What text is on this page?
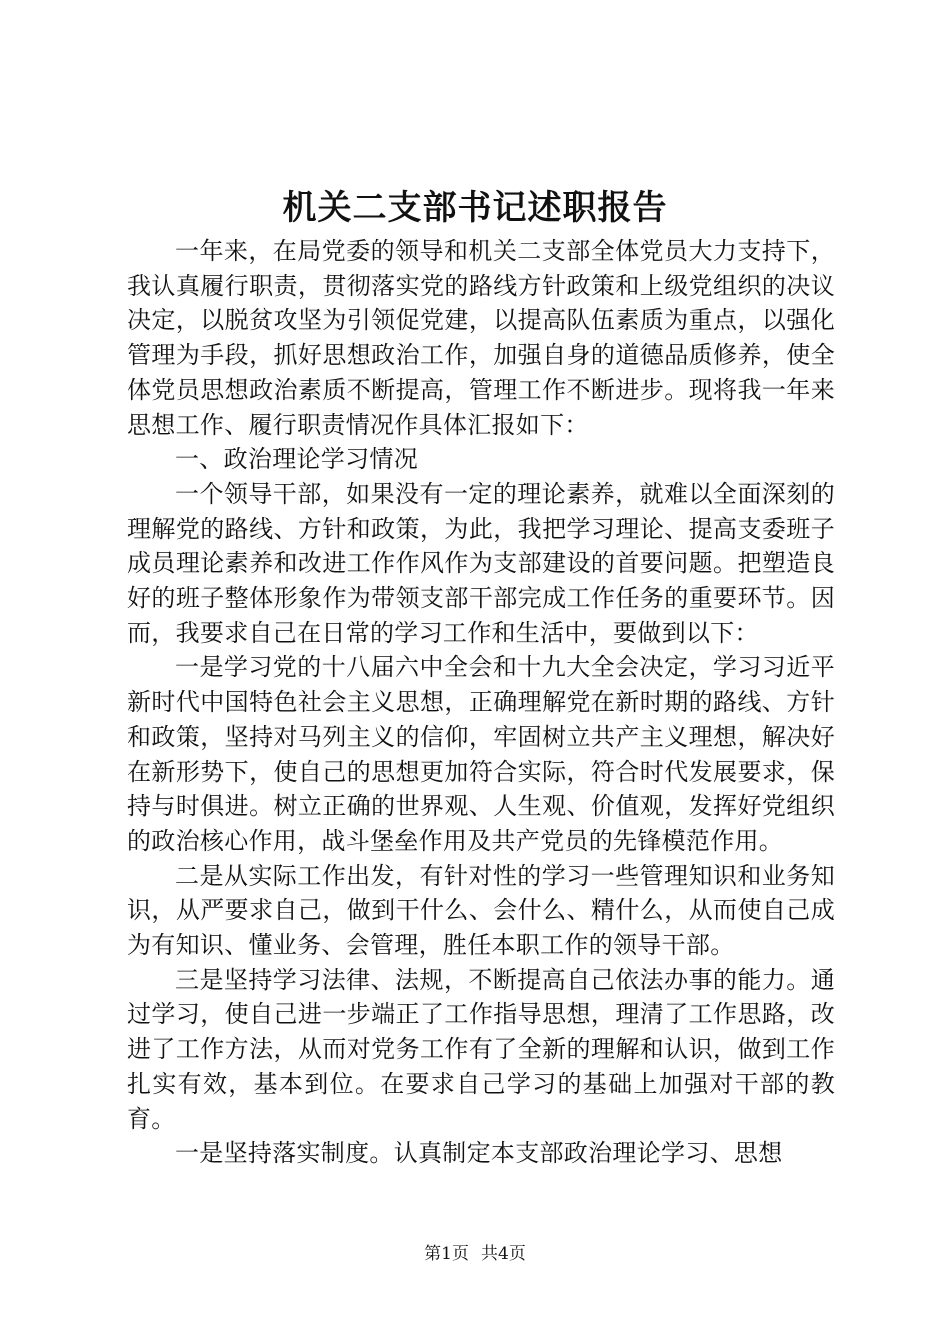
机关二支部书记述职报告

一年来，在局党委的领导和机关二支部全体党员大力支持下，我认真履行职责，贯彻落实党的路线方针政策和上级党组织的决议决定，以脱贫攻坚为引领促党建，以提高队伍素质为重点，以强化管理为手段，抓好思想政治工作，加强自身的道德品质修养，使全体党员思想政治素质不断提高，管理工作不断进步。现将我一年来思想工作、履行职责情况作具体汇报如下：

一、政治理论学习情况

一个领导干部，如果没有一定的理论素养，就难以全面深刻的理解党的路线、方针和政策，为此，我把学习理论、提高支委班子成员理论素养和改进工作作风作为支部建设的首要问题。把塑造良好的班子整体形象作为带领支部干部完成工作任务的重要环节。因而，我要求自己在日常的学习工作和生活中，要做到以下：

一是学习党的十八届六中全会和十九大全会决定，学习习近平新时代中国特色社会主义思想，正确理解党在新时期的路线、方针和政策，坚持对马列主义的信仰，牢固树立共产主义理想，解决好在新形势下，使自己的思想更加符合实际，符合时代发展要求，保持与时俱进。树立正确的世界观、人生观、价值观，发挥好党组织的政治核心作用，战斗堡垒作用及共产党员的先锋模范作用。

二是从实际工作出发，有针对性的学习一些管理知识和业务知识，从严要求自己，做到干什么、会什么、精什么，从而使自己成为有知识、懂业务、会管理，胜任本职工作的领导干部。

三是坚持学习法律、法规，不断提高自己依法办事的能力。通过学习，使自己进一步端正了工作指导思想，理清了工作思路，改进了工作方法，从而对党务工作有了全新的理解和认识，做到工作扎实有效，基本到位。在要求自己学习的基础上加强对干部的教育。

一是坚持落实制度。认真制定本支部政治理论学习、思想

第1页 共4页
